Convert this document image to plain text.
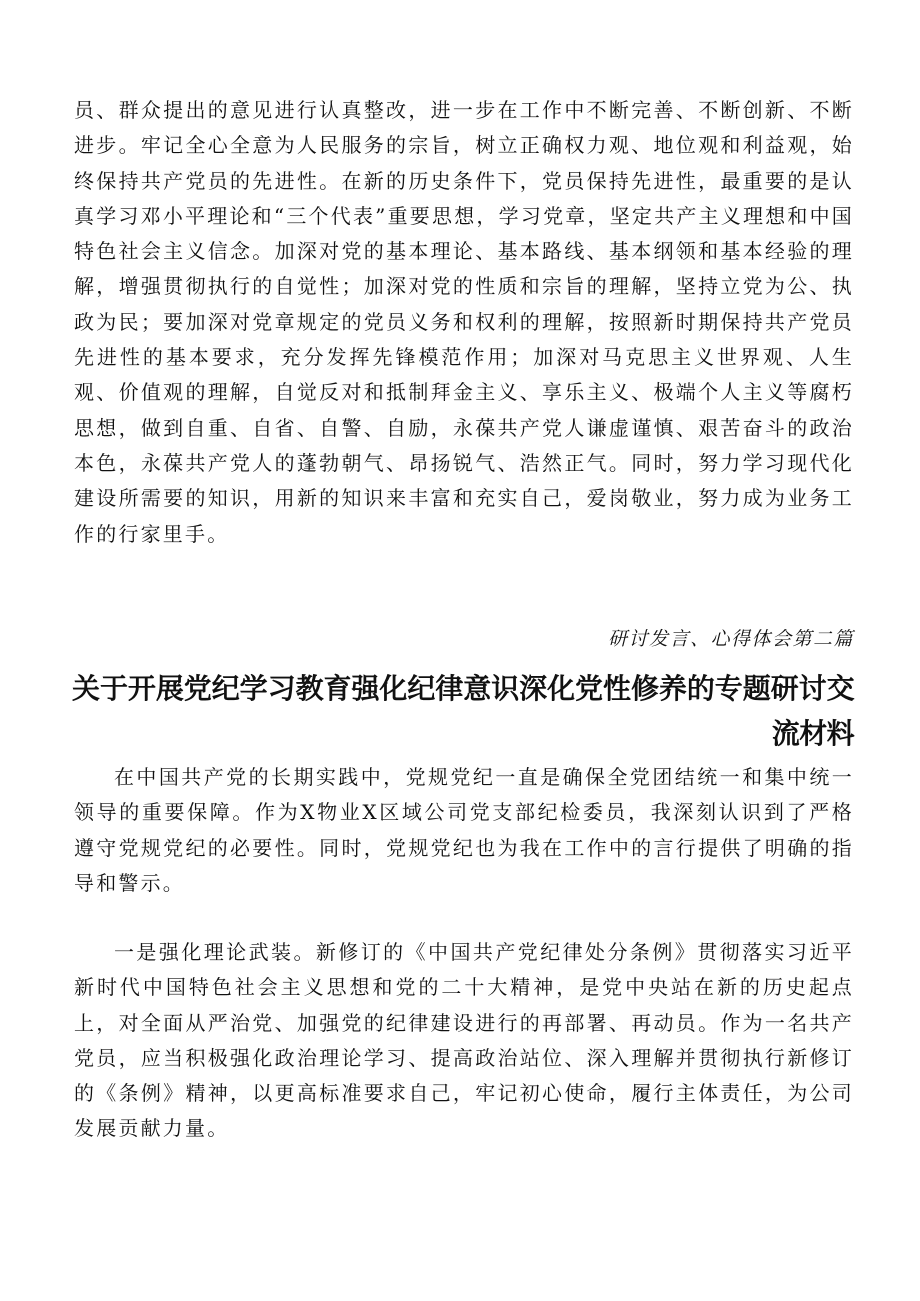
员、群众提出的意见进行认真整改，进一步在工作中不断完善、不断创新、不断进步。牢记全心全意为人民服务的宗旨，树立正确权力观、地位观和利益观，始终保持共产党员的先进性。在新的历史条件下，党员保持先进性，最重要的是认真学习邓小平理论和“三个代表”重要思想，学习党章，坚定共产主义理想和中国特色社会主义信念。加深对党的基本理论、基本路线、基本纲领和基本经验的理解，增强贯彻执行的自觉性；加深对党的性质和宗旨的理解，坚持立党为公、执政为民；要加深对党章规定的党员义务和权利的理解，按照新时期保持共产党员先进性的基本要求，充分发挥先锋模范作用；加深对马克思主义世界观、人生观、价值观的理解，自觉反对和抵制拜金主义、享乐主义、极端个人主义等腐朽思想，做到自重、自省、自警、自励，永葆共产党人谦虚谨慎、艰苦奋斗的政治本色，永葆共产党人的蓬勃朝气、昂扬锐气、浩然正气。同时，努力学习现代化建设所需要的知识，用新的知识来丰富和充实自己，爱岗敬业，努力成为业务工作的行家里手。

研讨发言、心得体会第二篇

关于开展党纪学习教育强化纪律意识深化党性修养的专题研讨交流材料

在中国共产党的长期实践中，党规党纪一直是确保全党团结统一和集中统一领导的重要保障。作为X物业X区域公司党支部纪检委员，我深刻认识到了严格遵守党规党纪的必要性。同时，党规党纪也为我在工作中的言行提供了明确的指导和警示。

一是强化理论武装。新修订的《中国共产党纪律处分条例》贯彻落实习近平新时代中国特色社会主义思想和党的二十大精神，是党中央站在新的历史起点上，对全面从严治党、加强党的纪律建设进行的再部署、再动员。作为一名共产党员，应当积极强化政治理论学习、提高政治站位、深入理解并贯彻执行新修订的《条例》精神，以更高标准要求自己，牢记初心使命，履行主体责任，为公司发展贡献力量。
